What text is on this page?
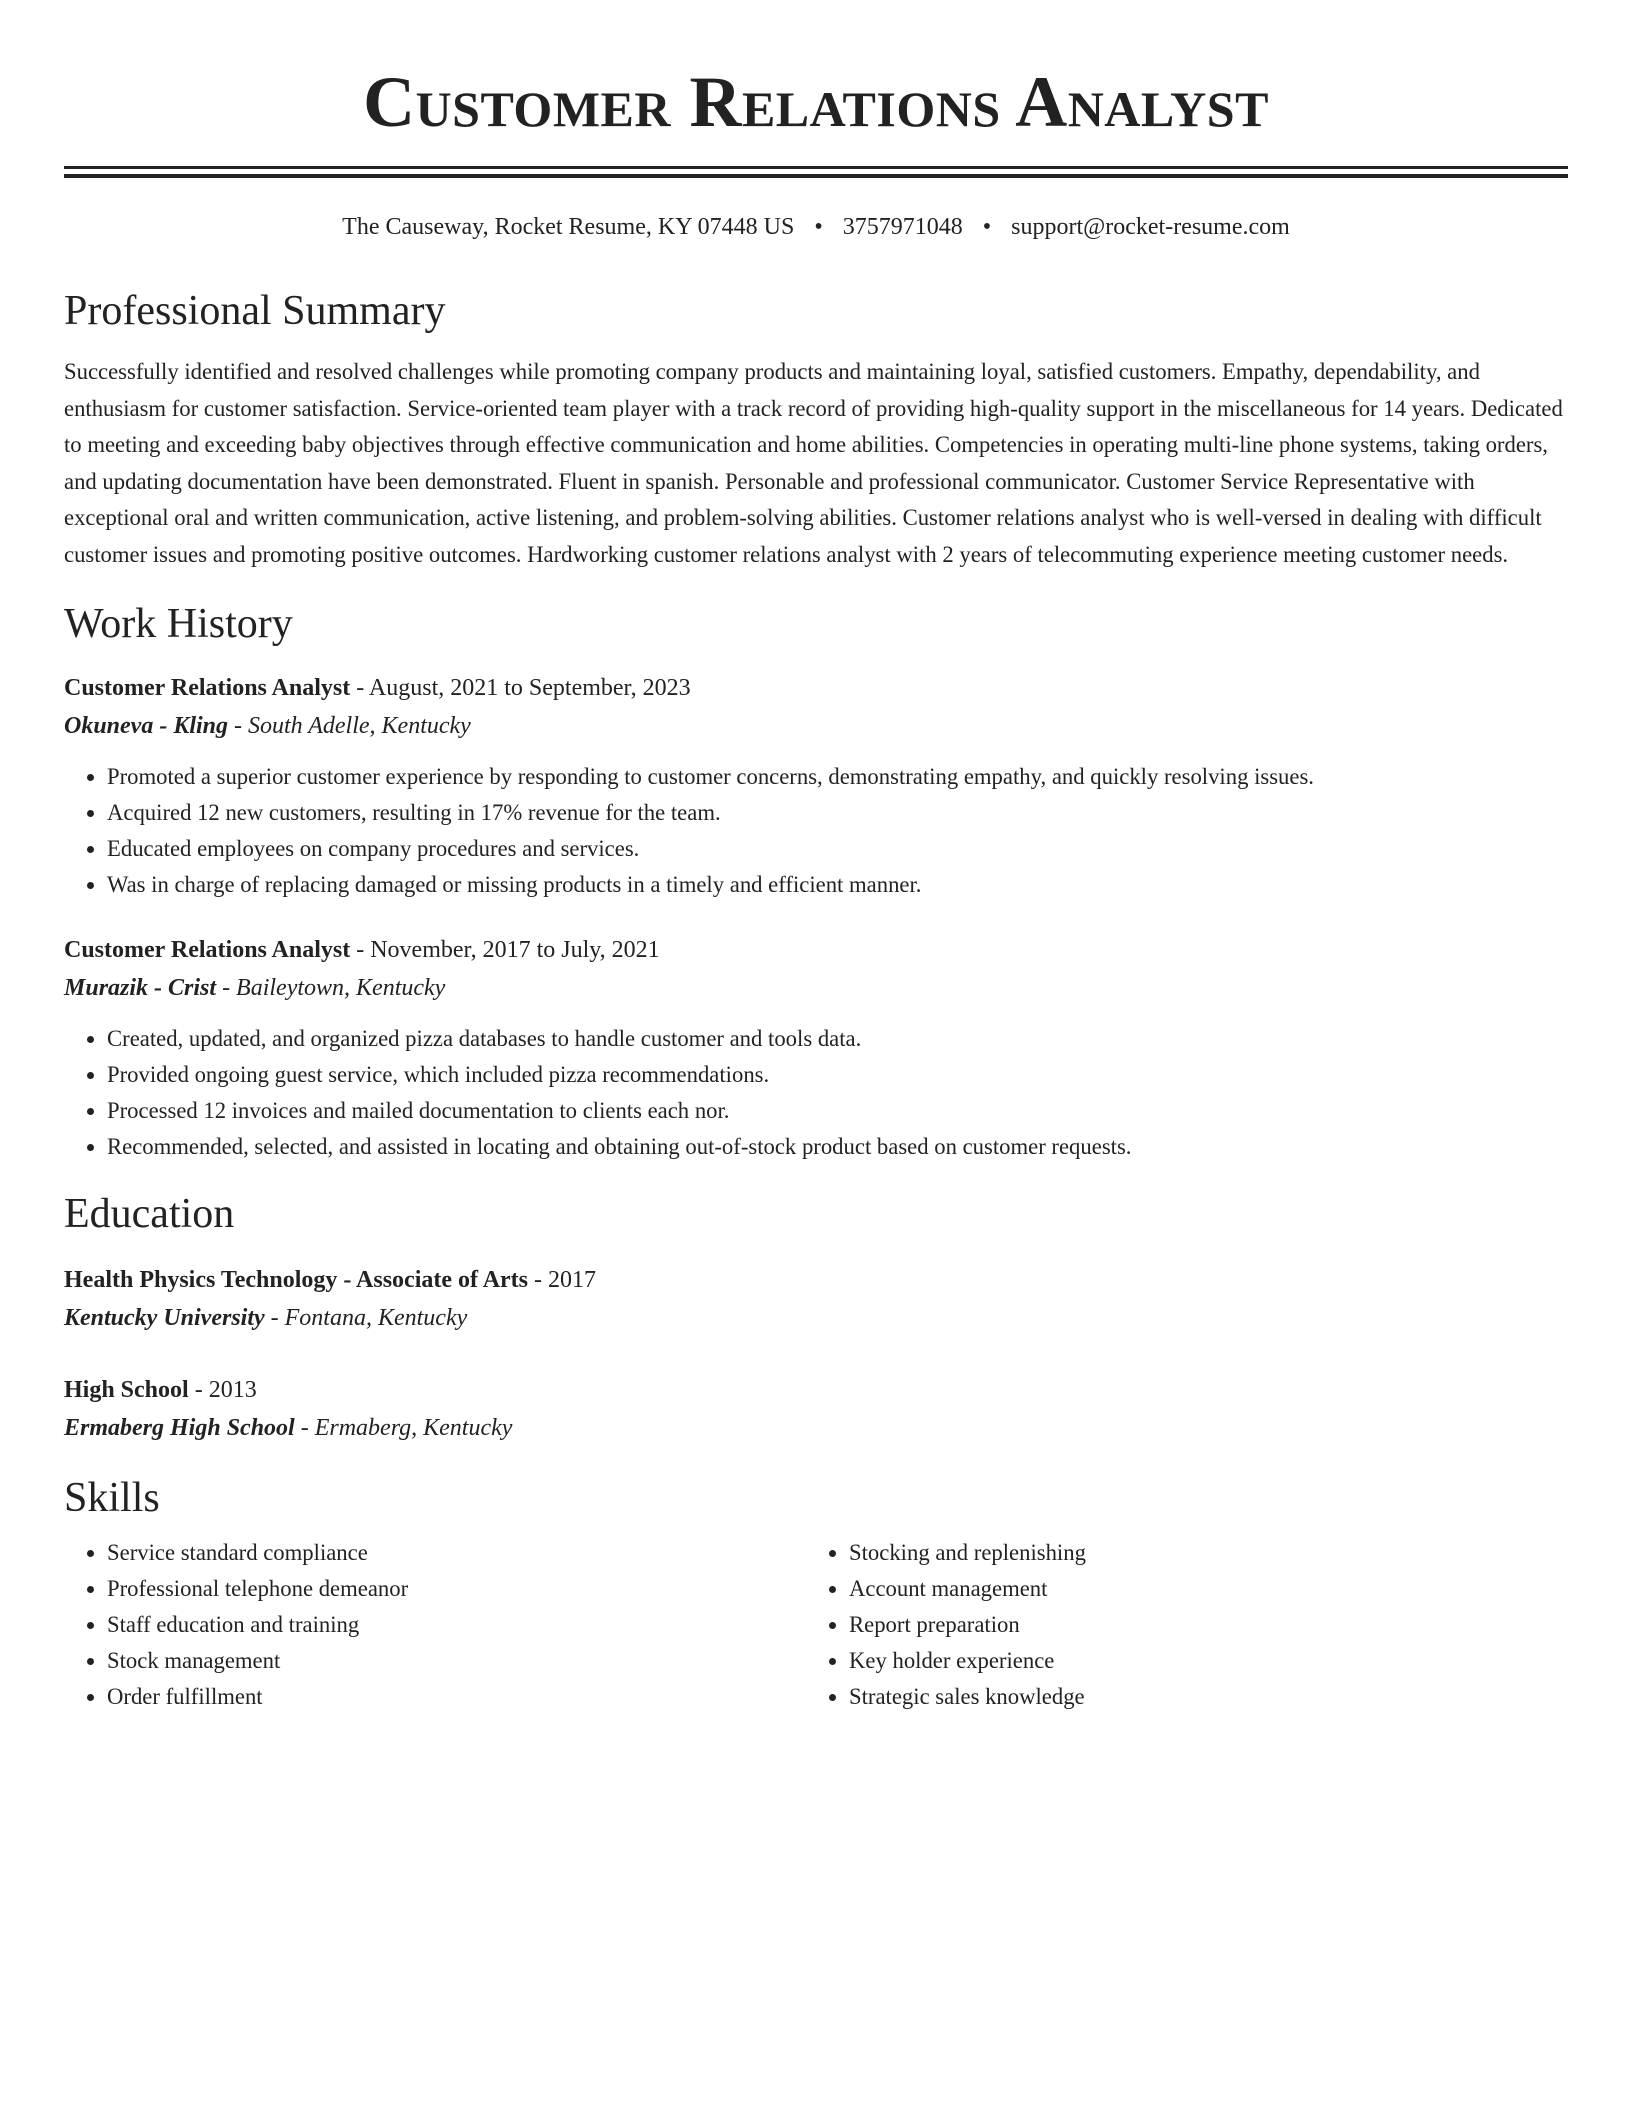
Customer Relations Analyst
The Causeway, Rocket Resume, KY 07448 US • 3757971048 • support@rocket-resume.com
Professional Summary

Successfully identified and resolved challenges while promoting company products and maintaining loyal, satisfied customers. Empathy, dependability, and enthusiasm for customer satisfaction. Service-oriented team player with a track record of providing high-quality support in the miscellaneous for 14 years. Dedicated to meeting and exceeding baby objectives through effective communication and home abilities. Competencies in operating multi-line phone systems, taking orders, and updating documentation have been demonstrated. Fluent in spanish. Personable and professional communicator. Customer Service Representative with exceptional oral and written communication, active listening, and problem-solving abilities. Customer relations analyst who is well-versed in dealing with difficult customer issues and promoting positive outcomes. Hardworking customer relations analyst with 2 years of telecommuting experience meeting customer needs.

Work History
Customer Relations Analyst - August, 2021 to September, 2023
Okuneva - Kling - South Adelle, Kentucky
• Promoted a superior customer experience by responding to customer concerns, demonstrating empathy, and quickly resolving issues.
• Acquired 12 new customers, resulting in 17% revenue for the team.
• Educated employees on company procedures and services.
• Was in charge of replacing damaged or missing products in a timely and efficient manner.
Customer Relations Analyst - November, 2017 to July, 2021
Murazik - Crist - Baileytown, Kentucky
• Created, updated, and organized pizza databases to handle customer and tools data.
• Provided ongoing guest service, which included pizza recommendations.
• Processed 12 invoices and mailed documentation to clients each nor.
• Recommended, selected, and assisted in locating and obtaining out-of-stock product based on customer requests.
Education
Health Physics Technology - Associate of Arts - 2017
Kentucky University - Fontana, Kentucky
High School - 2013
Ermaberg High School - Ermaberg, Kentucky
Skills
• Service standard compliance
• Professional telephone demeanor
• Staff education and training
• Stock management
• Order fulfillment
• Stocking and replenishing
• Account management
• Report preparation
• Key holder experience
• Strategic sales knowledge
